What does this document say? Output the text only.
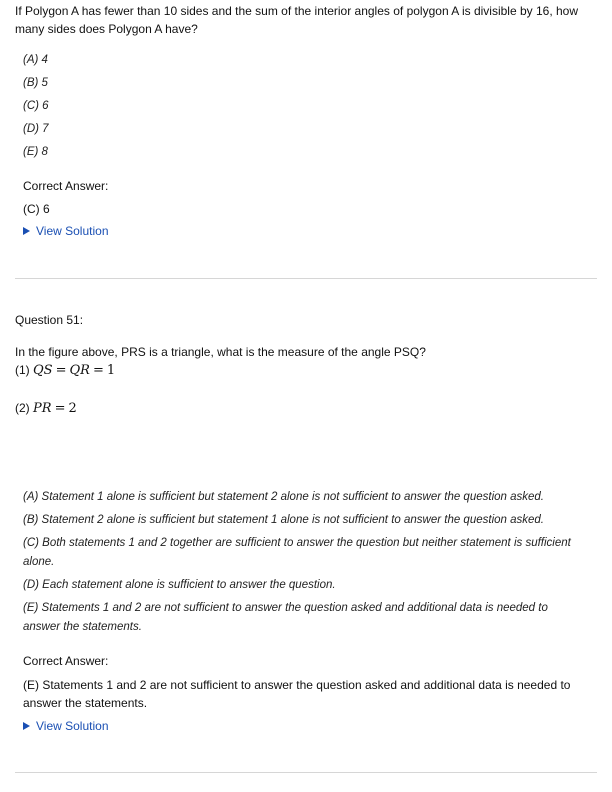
If Polygon A has fewer than 10 sides and the sum of the interior angles of polygon A is divisible by 16, how
many sides does Polygon A have?
(A) 4
(B) 5
(C) 6
(D) 7
(E) 8
Correct Answer:
(C) 6
View Solution
Question 51:
In the figure above, PRS is a triangle, what is the measure of the angle PSQ?
(1) QS = QR = 1
(2) PR = 2
(A) Statement 1 alone is sufficient but statement 2 alone is not sufficient to answer the question asked.
(B) Statement 2 alone is sufficient but statement 1 alone is not sufficient to answer the question asked.
(C) Both statements 1 and 2 together are sufficient to answer the question but neither statement is sufficient
alone.
(D) Each statement alone is sufficient to answer the question.
(E) Statements 1 and 2 are not sufficient to answer the question asked and additional data is needed to
answer the statements.
Correct Answer:
(E) Statements 1 and 2 are not sufficient to answer the question asked and additional data is needed to
answer the statements.
View Solution
